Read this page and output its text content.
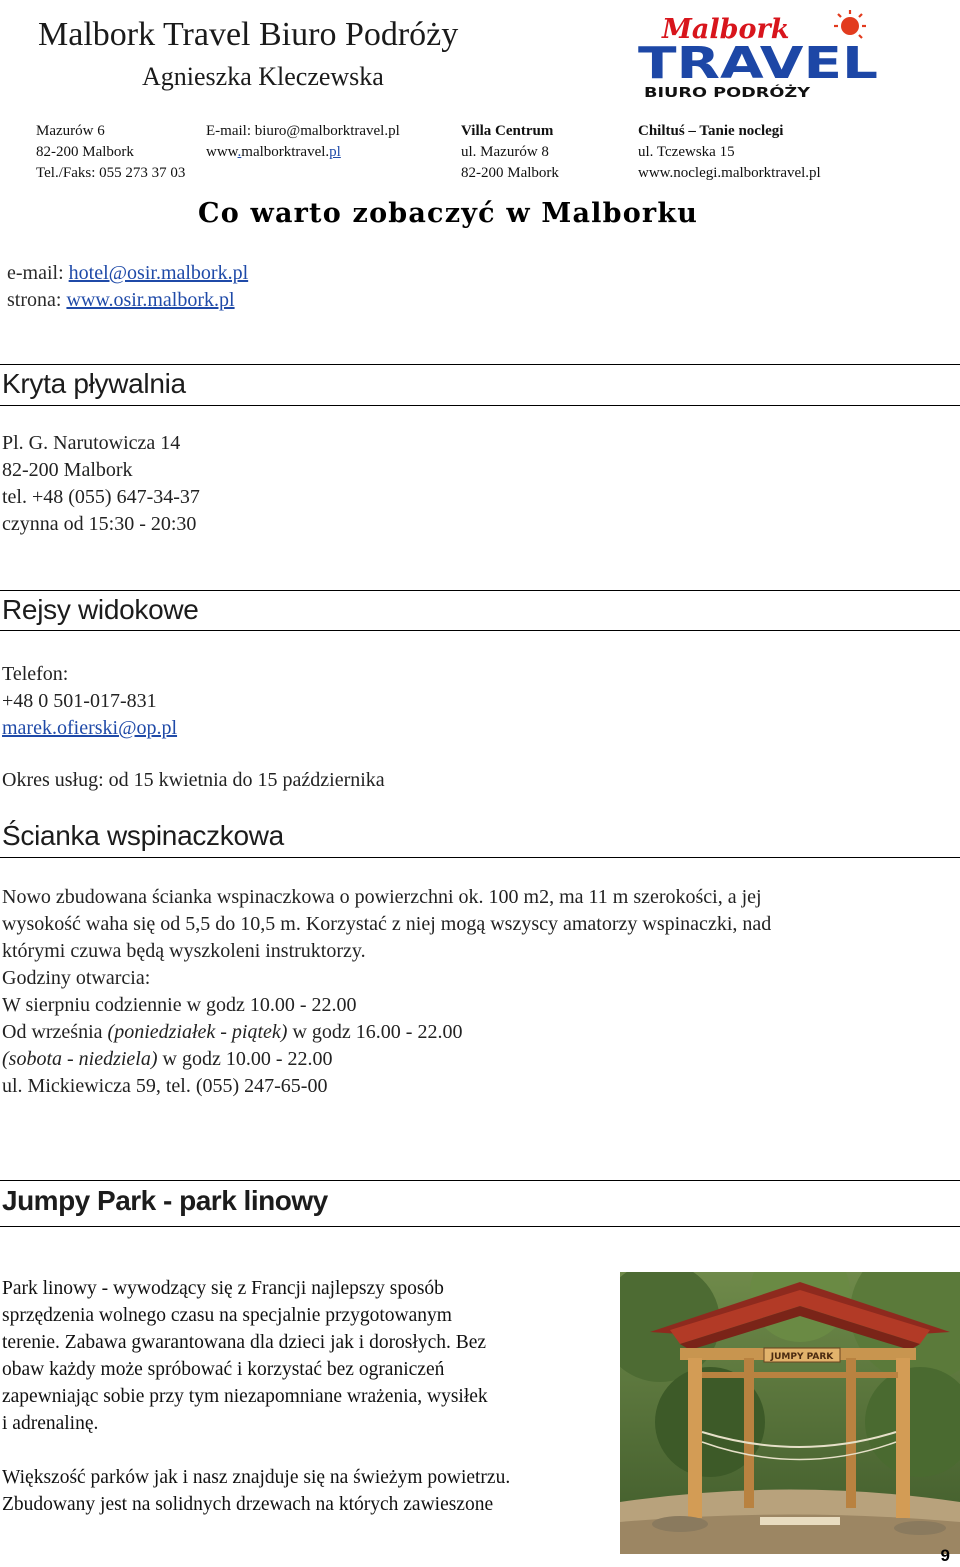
Malbork Travel Biuro Podróży
Agnieszka Kleczewska
Malbork
TRAVEL
BIURO PODRÓŻY
Mazurów 6
82-200 Malbork
Tel./Faks: 055 273 37 03
E-mail: biuro@malborktravel.pl
www.malborktravel.pl
Villa Centrum
ul. Mazurów 8
82-200 Malbork
Chiltuś – Tanie noclegi
ul. Tczewska 15
www.noclegi.malborktravel.pl
Co warto zobaczyć w Malborku
e-mail: hotel@osir.malbork.pl
strona: www.osir.malbork.pl
Kryta pływalnia
Pl. G. Narutowicza 14
82-200 Malbork
tel. +48 (055) 647-34-37
czynna od 15:30 - 20:30
Rejsy widokowe
Telefon:
+48 0 501-017-831
marek.ofierski@op.pl
Okres usług: od 15 kwietnia do 15 października
Ścianka wspinaczkowa
Nowo zbudowana ścianka wspinaczkowa o powierzchni ok. 100 m2, ma 11 m szerokości, a jej
wysokość waha się od 5,5 do 10,5 m. Korzystać z niej mogą wszyscy amatorzy wspinaczki, nad
którymi czuwa będą wyszkoleni instruktorzy.
Godziny otwarcia:
W sierpniu codziennie w godz 10.00 - 22.00
Od września (poniedziałek - piątek) w godz 16.00 - 22.00
(sobota - niedziela) w godz 10.00 - 22.00
ul. Mickiewicza 59, tel. (055) 247-65-00
Jumpy Park - park linowy
Park linowy - wywodzący się z Francji najlepszy sposób
sprzędzenia wolnego czasu na specjalnie przygotowanym
terenie. Zabawa gwarantowana dla dzieci jak i dorosłych. Bez
obaw każdy może spróbować i korzystać bez ograniczeń
zapewniając sobie przy tym niezapomniane wrażenia, wysiłek
i adrenalinę.
Większość parków jak i nasz znajduje się na świeżym powietrzu.
Zbudowany jest na solidnych drzewach na których zawieszone
JUMPY PARK
9
